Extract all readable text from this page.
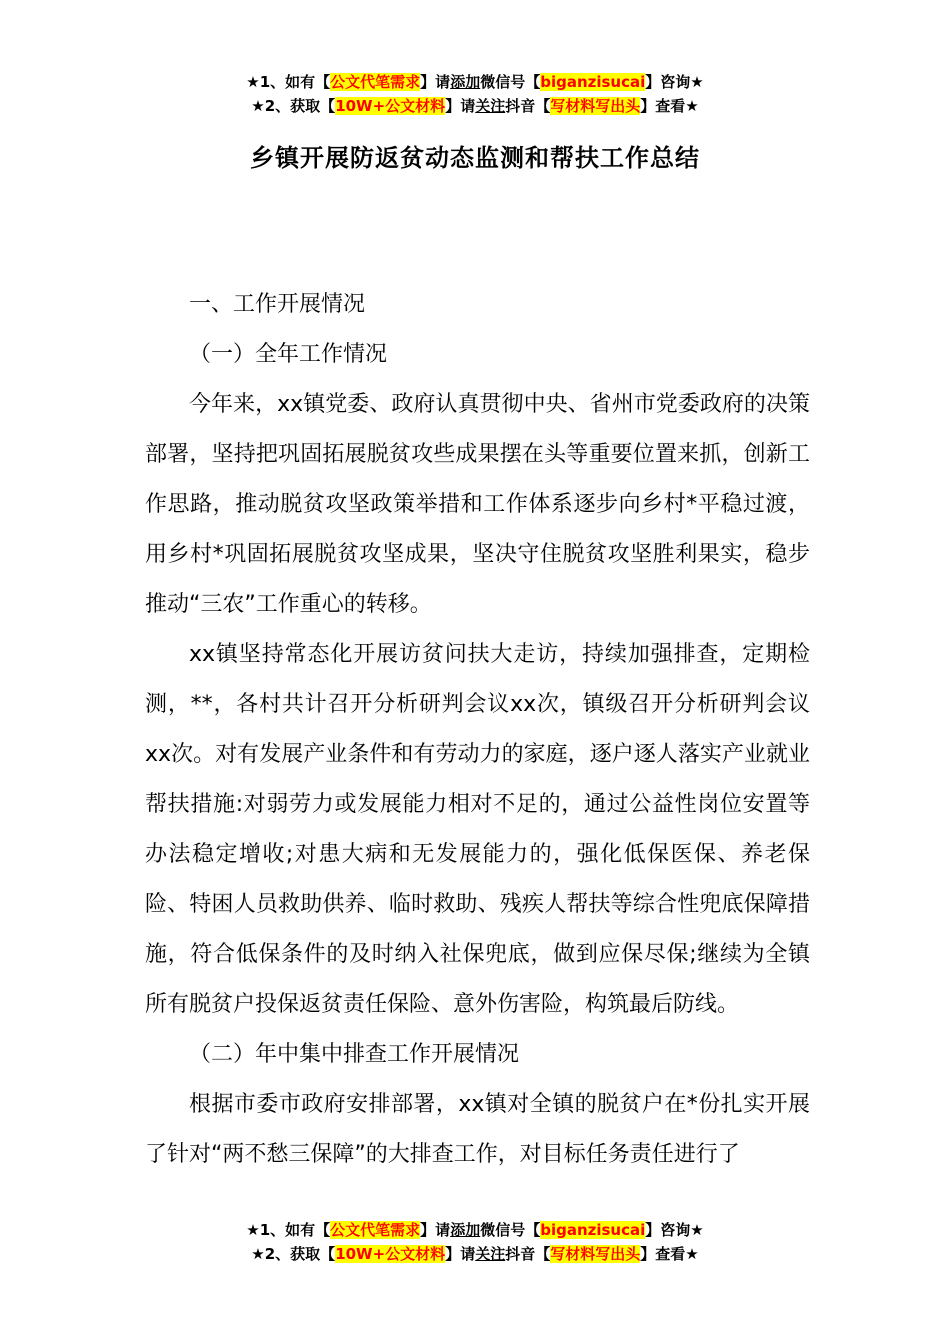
★1、如有【公文代笔需求】请添加微信号【biganzisucai】咨询★
★2、获取【10W+公文材料】请关注抖音【写材料写出头】查看★
乡镇开展防返贫动态监测和帮扶工作总结
一、工作开展情况
（一）全年工作情况
今年来，xx镇党委、政府认真贯彻中央、省州市党委政府的决策部署，坚持把巩固拓展脱贫攻些成果摆在头等重要位置来抓，创新工作思路，推动脱贫攻坚政策举措和工作体系逐步向乡村*平稳过渡，用乡村*巩固拓展脱贫攻坚成果，坚决守住脱贫攻坚胜利果实，稳步推动“三农”工作重心的转移。
xx镇坚持常态化开展访贫问扶大走访，持续加强排查，定期检测，**，各村共计召开分析研判会议xx次，镇级召开分析研判会议xx次。对有发展产业条件和有劳动力的家庭，逐户逐人落实产业就业帮扶措施:对弱劳力或发展能力相对不足的，通过公益性岗位安置等办法稳定增收;对患大病和无发展能力的，强化低保医保、养老保险、特困人员救助供养、临时救助、残疾人帮扶等综合性兜底保障措施，符合低保条件的及时纳入社保兜底，做到应保尽保;继续为全镇所有脱贫户投保返贫责任保险、意外伤害险，构筑最后防线。
（二）年中集中排查工作开展情况
根据市委市政府安排部署，xx镇对全镇的脱贫户在*份扎实开展了针对“两不愁三保障”的大排查工作，对目标任务责任进行了
★1、如有【公文代笔需求】请添加微信号【biganzisucai】咨询★
★2、获取【10W+公文材料】请关注抖音【写材料写出头】查看★
